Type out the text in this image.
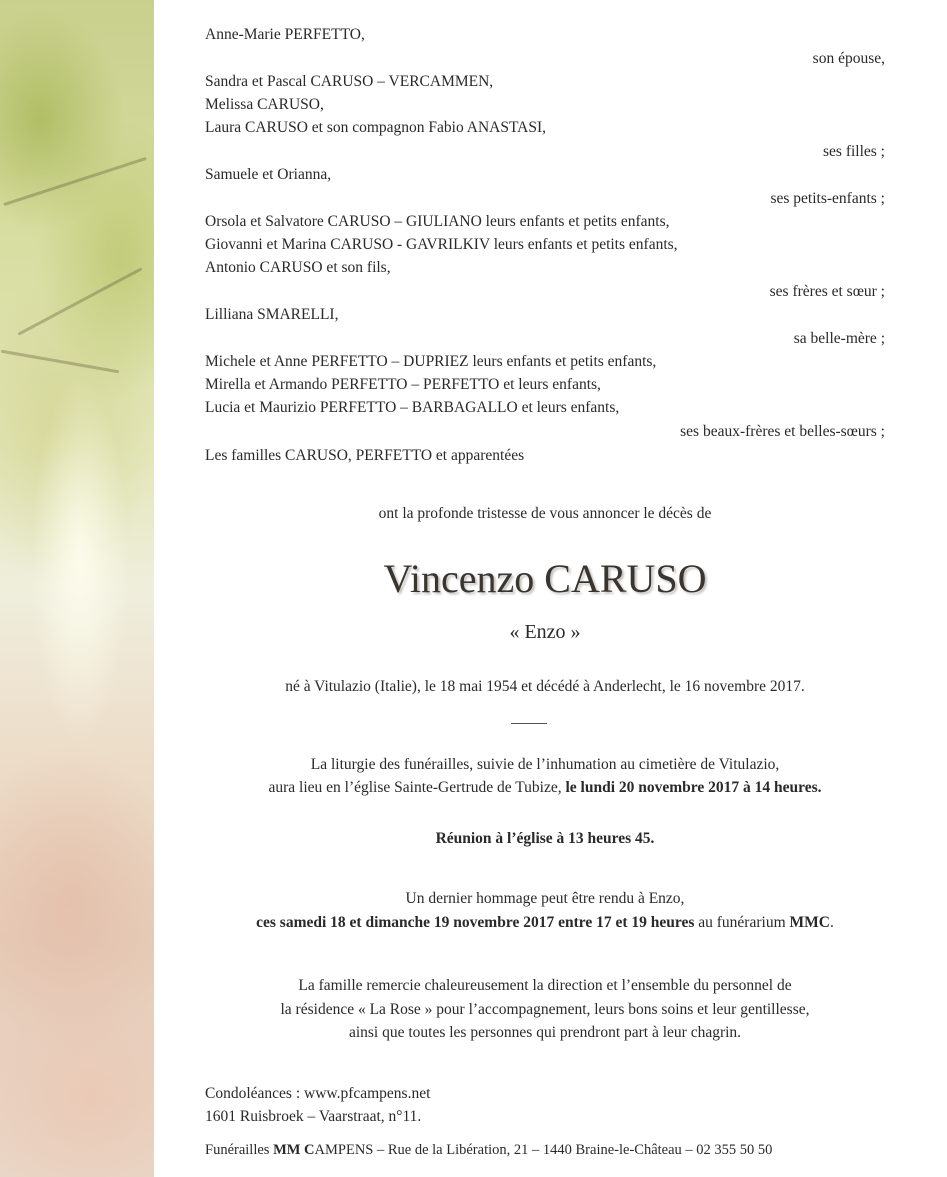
Anne-Marie PERFETTO,
son épouse,
Sandra et Pascal CARUSO – VERCAMMEN,
Melissa CARUSO,
Laura CARUSO et son compagnon Fabio ANASTASI,
ses filles ;
Samuele et Orianna,
ses petits-enfants ;
Orsola et Salvatore CARUSO – GIULIANO leurs enfants et petits enfants,
Giovanni et Marina CARUSO - GAVRILKIV leurs enfants et petits enfants,
Antonio CARUSO et son fils,
ses frères et sœur ;
Lilliana SMARELLI,
sa belle-mère ;
Michele et Anne PERFETTO – DUPRIEZ leurs enfants et petits enfants,
Mirella et Armando PERFETTO – PERFETTO et leurs enfants,
Lucia et Maurizio PERFETTO – BARBAGALLO et leurs enfants,
ses beaux-frères et belles-sœurs ;
Les familles CARUSO, PERFETTO et apparentées
ont la profonde tristesse de vous annoncer le décès de
Vincenzo CARUSO
« Enzo »
né à Vitulazio (Italie), le 18 mai 1954 et décédé à Anderlecht, le 16 novembre 2017.
La liturgie des funérailles, suivie de l’inhumation au cimetière de Vitulazio,
aura lieu en l’église Sainte-Gertrude de Tubize, le lundi 20 novembre 2017 à 14 heures.
Réunion à l’église à 13 heures 45.
Un dernier hommage peut être rendu à Enzo,
ces samedi 18 et dimanche 19 novembre 2017 entre 17 et 19 heures au funérarium MMC.
La famille remercie chaleureusement la direction et l’ensemble du personnel de
la résidence « La Rose » pour l’accompagnement, leurs bons soins et leur gentillesse,
ainsi que toutes les personnes qui prendront part à leur chagrin.
Condoléances : www.pfcampens.net
1601 Ruisbroek – Vaarstraat, n°11.
Funérailles MM CAMPENS – Rue de la Libération, 21 – 1440 Braine-le-Château – 02 355 50 50
